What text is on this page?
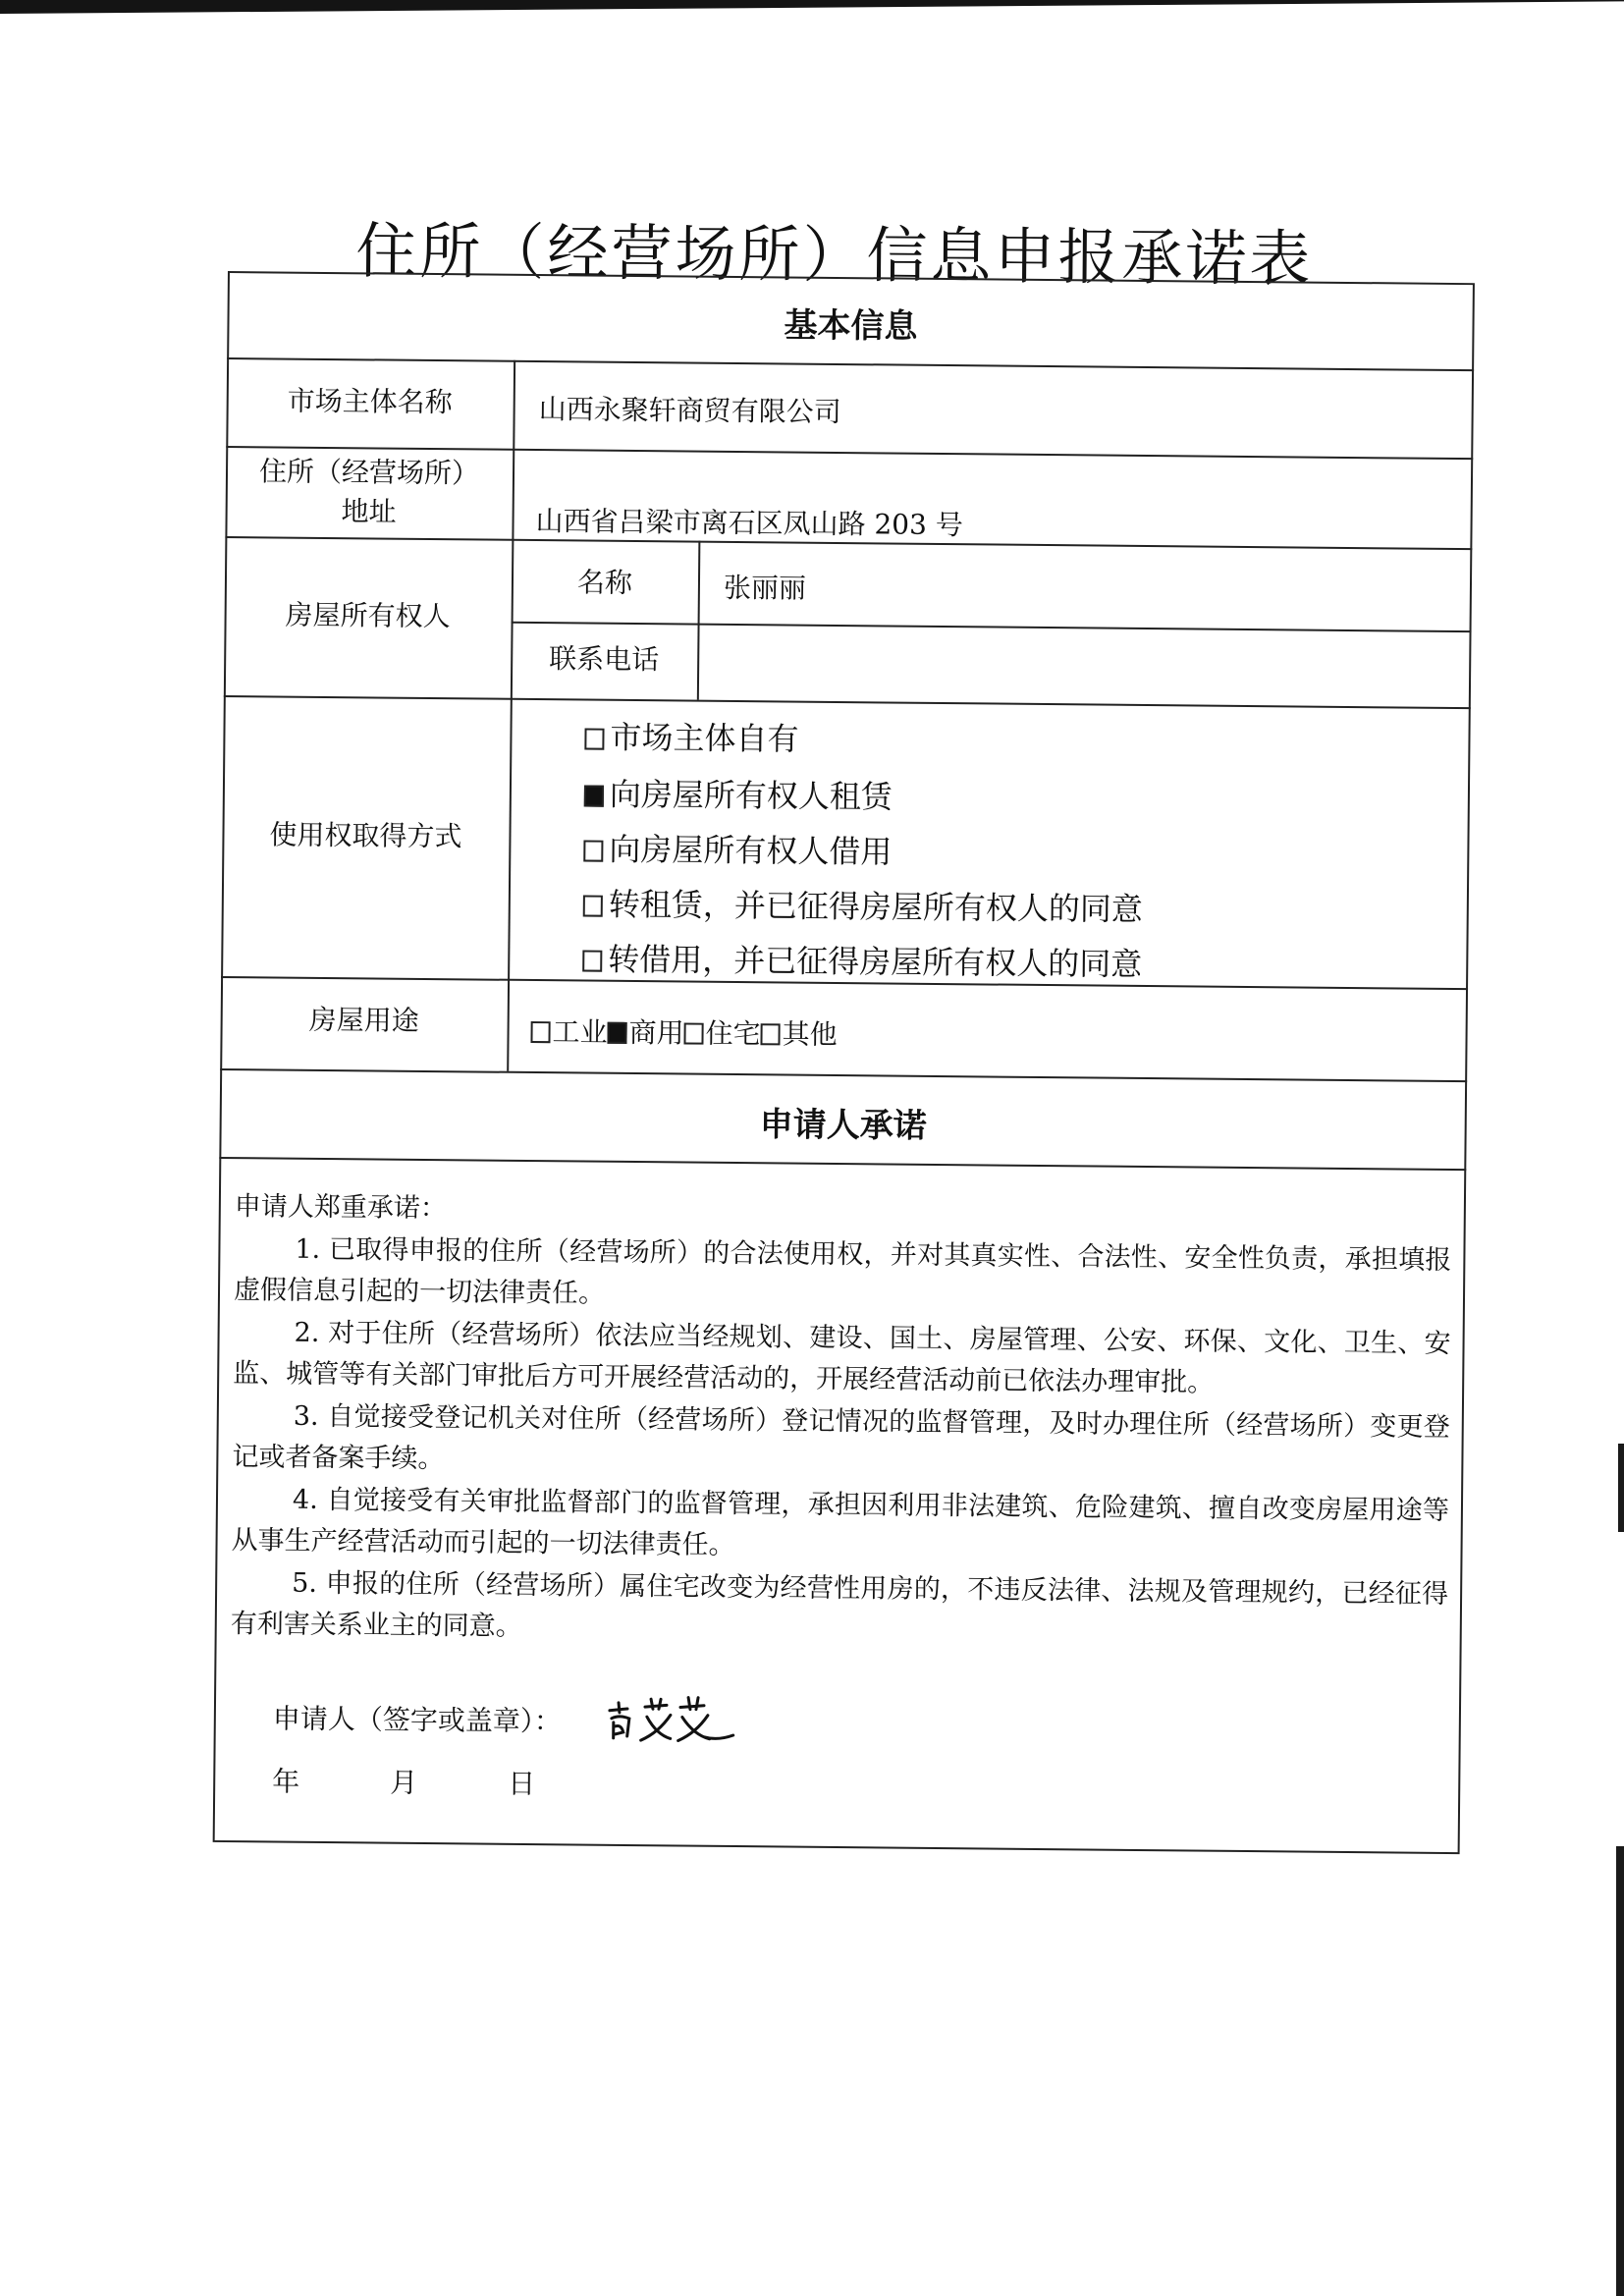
住所（经营场所）信息申报承诺表
基本信息
申请人承诺
市场主体名称
住所（经营场所）
地址
房屋所有权人
名称
联系电话
使用权取得方式
房屋用途
山西永聚轩商贸有限公司
山西省吕梁市离石区凤山路 203 号
张丽丽
市场主体自有
向房屋所有权人租赁
向房屋所有权人借用
转租赁，并已征得房屋所有权人的同意
转借用，并已征得房屋所有权人的同意
工业 商用 住宅 其他

申请人郑重承诺：

1. 已取得申报的住所（经营场所）的合法使用权，并对其真实性、合法性、安全性负责，承担填报虚假信息引起的一切法律责任。

2. 对于住所（经营场所）依法应当经规划、建设、国土、房屋管理、公安、环保、文化、卫生、安监、城管等有关部门审批后方可开展经营活动的，开展经营活动前已依法办理审批。

3. 自觉接受登记机关对住所（经营场所）登记情况的监督管理，及时办理住所（经营场所）变更登记或者备案手续。

4. 自觉接受有关审批监督部门的监督管理，承担因利用非法建筑、危险建筑、擅自改变房屋用途等从事生产经营活动而引起的一切法律责任。

5. 申报的住所（经营场所）属住宅改变为经营性用房的，不违反法律、法规及管理规约，已经征得有利害关系业主的同意。

申请人（签字或盖章）：
年	月	日
